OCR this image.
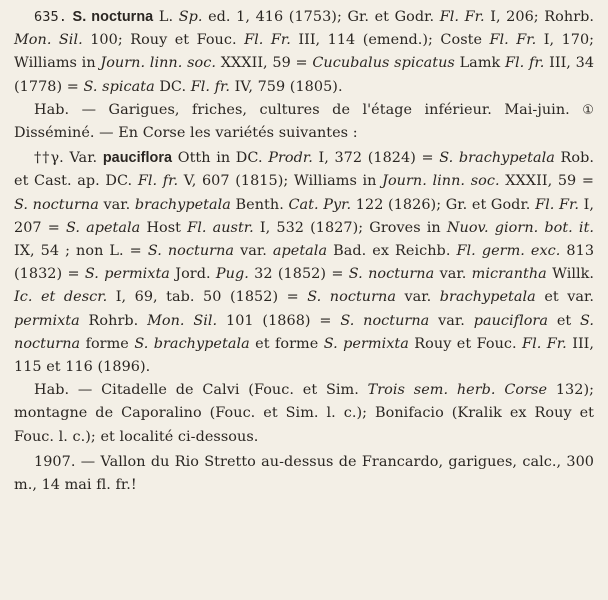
635. S. nocturna L. Sp. ed. 1, 416 (1753); Gr. et Godr. Fl. Fr. I, 206; Rohrb. Mon. Sil. 100; Rouy et Fouc. Fl. Fr. III, 114 (emend.); Coste Fl. Fr. I, 170; Williams in Journ. linn. soc. XXXII, 59 = Cucubalus spicatus Lamk Fl. fr. III, 34 (1778) = S. spicata DC. Fl. fr. IV, 759 (1805).

Hab. — Garigues, friches, cultures de l'étage inférieur. Mai-juin. ① Disséminé. — En Corse les variétés suivantes :

††γ. Var. pauciflora Otth in DC. Prodr. I, 372 (1824) = S. brachypetala Rob. et Cast. ap. DC. Fl. fr. V, 607 (1815); Williams in Journ. linn. soc. XXXII, 59 = S. nocturna var. brachypetala Benth. Cat. Pyr. 122 (1826); Gr. et Godr. Fl. Fr. I, 207 = S. apetala Host Fl. austr. I, 532 (1827); Groves in Nuov. giorn. bot. it. IX, 54 ; non L. = S. nocturna var. apetala Bad. ex Reichb. Fl. germ. exc. 813 (1832) = S. permixta Jord. Pug. 32 (1852) = S. nocturna var. micrantha Willk. Ic. et descr. I, 69, tab. 50 (1852) = S. nocturna var. brachypetala et var. permixta Rohrb. Mon. Sil. 101 (1868) = S. nocturna var. pauciflora et S. nocturna forme S. brachypetala et forme S. permixta Rouy et Fouc. Fl. Fr. III, 115 et 116 (1896).

Hab. — Citadelle de Calvi (Fouc. et Sim. Trois sem. herb. Corse 132); montagne de Caporalino (Fouc. et Sim. l. c.); Bonifacio (Kralik ex Rouy et Fouc. l. c.); et localité ci-dessous.

1907. — Vallon du Rio Stretto au-dessus de Francardo, garigues, calc., 300 m., 14 mai fl. fr.!
